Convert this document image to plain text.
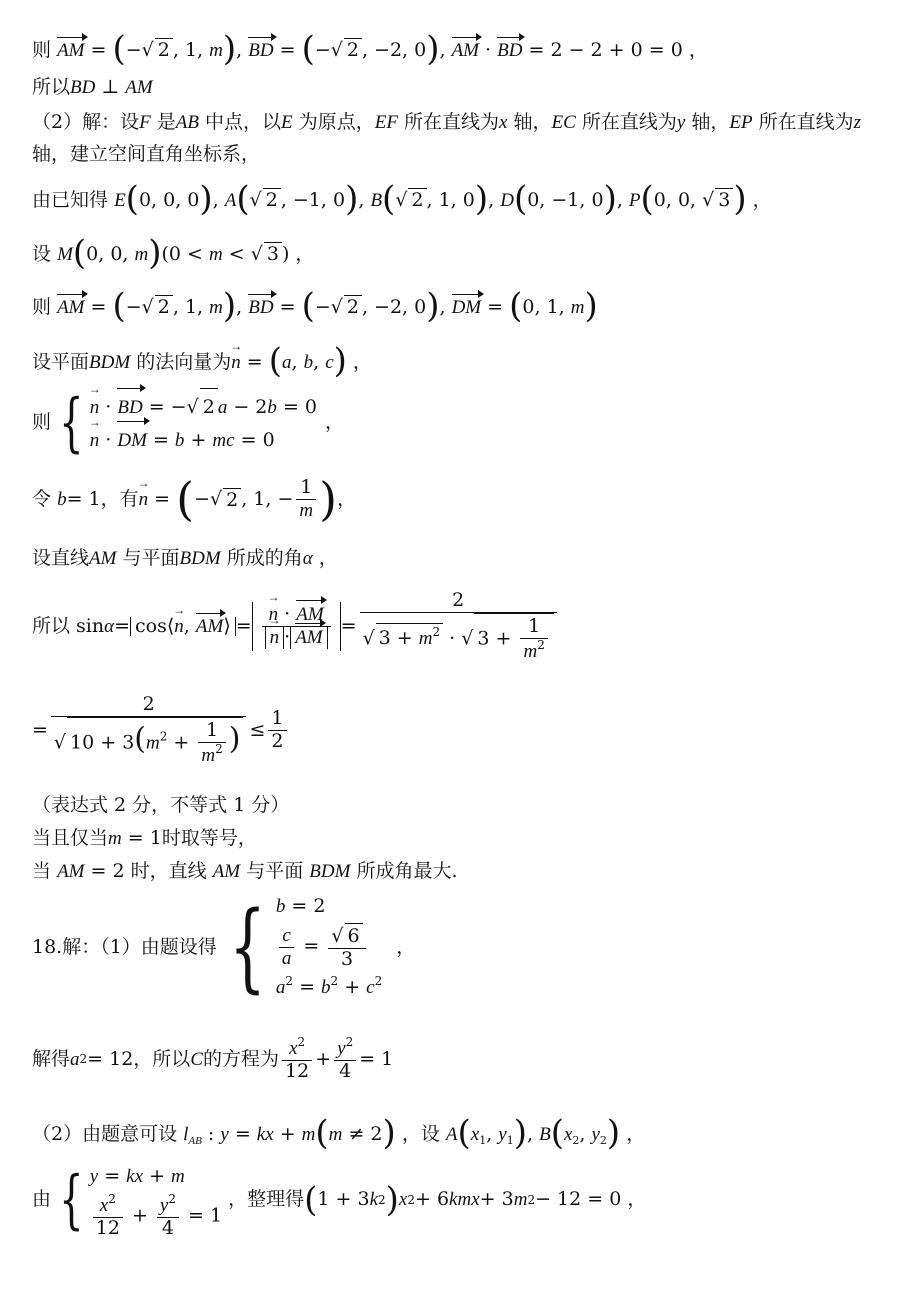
则 AM = (−√ 2 , 1, m), BD = (−√ 2 , −2, 0), AM · BD = 2 − 2 + 0 = 0 ，
所以BD ⊥ AM
（2）解：设F 是AB 中点，以E 为原点，EF 所在直线为x 轴，EC 所在直线为y 轴，EP 所在直线为z
轴，建立空间直角坐标系，
由已知得 E(0, 0, 0), A(√ 2 , −1, 0), B(√ 2 , 1, 0), D(0, −1, 0), P(0, 0, √ 3) ，
设 M(0, 0, m)(0 < m < √ 3 ) ，
则 AM = (−√ 2 , 1, m), BD = (−√ 2 , −2, 0), DM = (0, 1, m)
设平面BDM 的法向量为→ n = (a, b, c) ，
则 { → n · BD = −√ 2 a − 2b = 0
→ n · DM = b + mc = 0
，
令
b = 1 ，有 → n = ( −√ 2 , 1, − $\frac{1}{m}$ ) ，
设直线AM 与平面BDM 所成的角α ，
所以 sin α = cos⟨→ n, AM⟩ = → n · AM
→ n · AM = $\frac{2}{√ 3 + m^2 \cdot √ 3 + \frac{1}{m^2}}$
= $\frac{2}{√ 10 + 3(m^2 + \frac{1}{m^2} )} \le \frac{1}{2}$
（表达式 2 分，不等式 1 分）
当且仅当m = 1时取等号，
当 AM = 2 时，直线 AM 与平面 BDM 所成角最大.
18.解：（1）由题设得 { b = 2
$\frac{c}{a} = \frac{√ 6}{3}$
$a^2 = b^2 + c^2$
，
解得 a 2 = 12 ，所以 C 的方程为 $\frac{x^2}{12} + \frac{y^2}{4} = 1$
（2）由题意可设 $l_{AB}$ : y = kx + m(m ≠ 2) ，设 $A(x_1$, $y_1$), $B(x_2$, $y_2$) ，
由 { y = kx + m
$\frac{x^2}{12} + \frac{y^2}{4} = 1$
，整理得 ( 1 + 3 k 2 ) x 2 + 6 kmx + 3 m 2 − 12 = 0 ，
